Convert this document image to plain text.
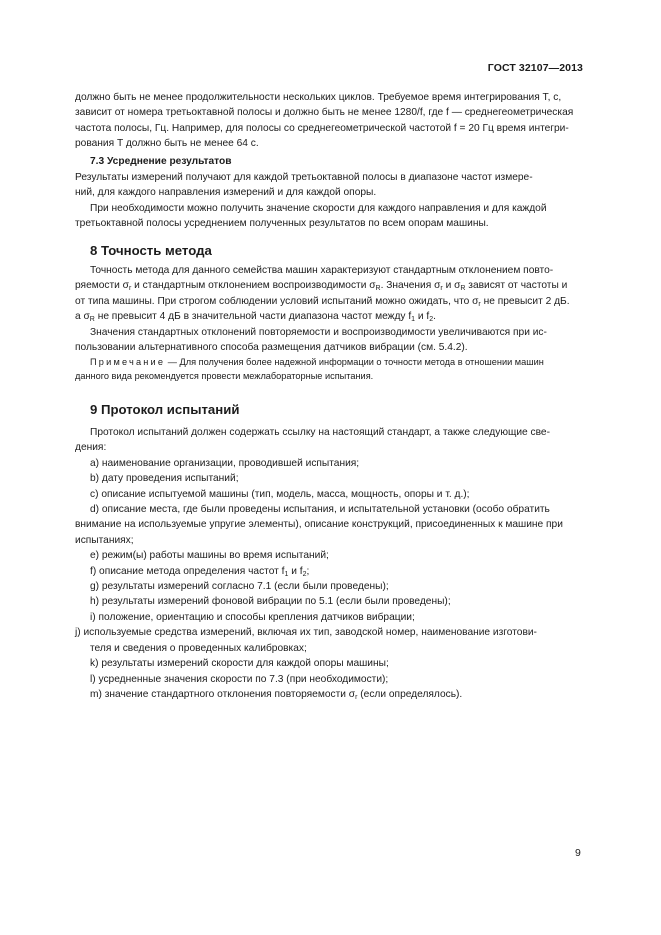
ГОСТ 32107—2013
должно быть не менее продолжительности нескольких циклов. Требуемое время интегрирования T, с,
зависит от номера третьоктавной полосы и должно быть не менее 1280/f, где f — среднегеометрическая
частота полосы, Гц. Например, для полосы со среднегеометрической частотой f = 20 Гц время интегри-
рования T должно быть не менее 64 с.
7.3 Усреднение результатов
Результаты измерений получают для каждой третьоктавной полосы в диапазоне частот измере-
ний, для каждого направления измерений и для каждой опоры.
При необходимости можно получить значение скорости для каждого направления и для каждой
третьоктавной полосы усреднением полученных результатов по всем опорам машины.
8 Точность метода
Точность метода для данного семейства машин характеризуют стандартным отклонением повто-
ряемости $\sigma_r$ и стандартным отклонением воспроизводимости $\sigma_R$. Значения $\sigma_r$ и $\sigma_R$ зависят от частоты и
от типа машины. При строгом соблюдении условий испытаний можно ожидать, что $\sigma_r$ не превысит 2 дБ.
а $\sigma_R$ не превысит 4 дБ в значительной части диапазона частот между $f_1$ и $f_2$.
Значения стандартных отклонений повторяемости и воспроизводимости увеличиваются при ис-
пользовании альтернативного способа размещения датчиков вибрации (см. 5.4.2).
Примечание — Для получения более надежной информации о точности метода в отношении машин
данного вида рекомендуется провести межлабораторные испытания.
9 Протокол испытаний
Протокол испытаний должен содержать ссылку на настоящий стандарт, а также следующие све-
дения:
a) наименование организации, проводившей испытания;
b) дату проведения испытаний;
c) описание испытуемой машины (тип, модель, масса, мощность, опоры и т. д.);
d) описание места, где были проведены испытания, и испытательной установки (особо обратить
внимание на используемые упругие элементы), описание конструкций, присоединенных к машине при
испытаниях;
e) режим(ы) работы машины во время испытаний;
f) описание метода определения частот $f_1$ и $f_2$;
g) результаты измерений согласно 7.1 (если были проведены);
h) результаты измерений фоновой вибрации по 5.1 (если были проведены);
i) положение, ориентацию и способы крепления датчиков вибрации;
j) используемые средства измерений, включая их тип, заводской номер, наименование изготови-
теля и сведения о проведенных калибровках;
k) результаты измерений скорости для каждой опоры машины;
l) усредненные значения скорости по 7.3 (при необходимости);
m) значение стандартного отклонения повторяемости $\sigma_r$ (если определялось).
9
